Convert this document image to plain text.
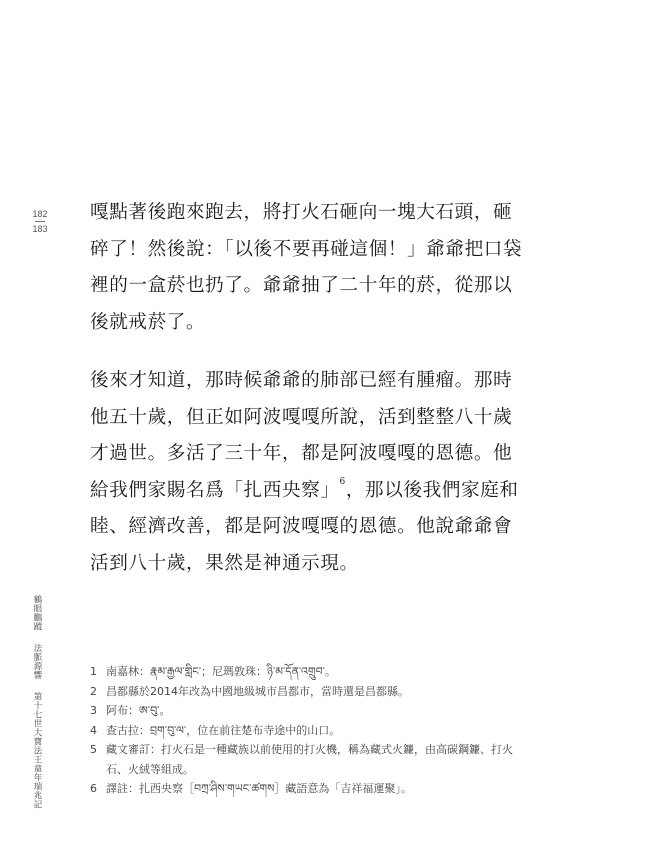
182
183
鶴眼鵬蹤  法脈源響  第十七世大寶法王童年瑞兆記

嘎點著後跑來跑去，將打火石砸向一塊大石頭，砸碎了！然後說：「以後不要再碰這個！」爺爺把口袋裡的一盒菸也扔了。爺爺抽了二十年的菸，從那以後就戒菸了。

後來才知道，那時候爺爺的肺部已經有腫瘤。那時他五十歲，但正如阿波嘎嘎所說，活到整整八十歲才過世。多活了三十年，都是阿波嘎嘎的恩德。他給我們家賜名爲「扎西央察」$^6$，那以後我們家庭和睦、經濟改善，都是阿波嘎嘎的恩德。他說爺爺會活到八十歲，果然是神通示現。

1 南嘉林：རྣམ་རྒྱལ་གླིང་；尼瑪敦珠：ཉི་མ་དོན་འགྲུབ་。
2 昌都縣於2014年改為中國地級城市昌都市，當時還是昌都縣。
3 阿布：ཨ་བུ་。
4 查古拉：བྲག་བུ་ལ་，位在前往楚布寺途中的山口。
5 藏文審訂：打火石是一種藏族以前使用的打火機，稱為藏式火鐮，由高碳鋼鐮、打火石、火絨等組成。
6 譯註：扎西央察［བཀྲ་ཤིས་གཡང་ཚགས］藏語意為「吉祥福運聚」。
